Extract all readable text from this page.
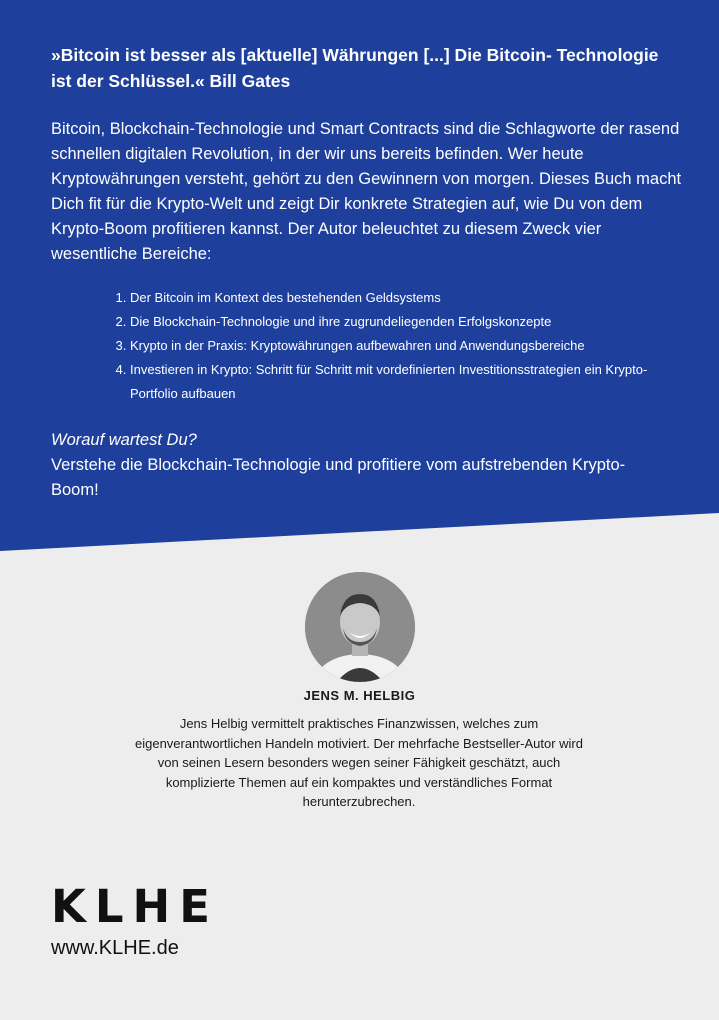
»Bitcoin ist besser als [aktuelle] Währungen [...] Die Bitcoin- Technologie ist der Schlüssel.« Bill Gates

Bitcoin, Blockchain-Technologie und Smart Contracts sind die Schlagworte der rasend schnellen digitalen Revolution, in der wir uns bereits befinden. Wer heute Kryptowährungen versteht, gehört zu den Gewinnern von morgen. Dieses Buch macht Dich fit für die Krypto-Welt und zeigt Dir konkrete Strategien auf, wie Du von dem Krypto-Boom profitieren kannst. Der Autor beleuchtet zu diesem Zweck vier wesentliche Bereiche:

1. Der Bitcoin im Kontext des bestehenden Geldsystems
2. Die Blockchain-Technologie und ihre zugrundeliegenden Erfolgskonzepte
3. Krypto in der Praxis: Kryptowährungen aufbewahren und Anwendungsbereiche
4. Investieren in Krypto: Schritt für Schritt mit vordefinierten Investitionsstrategien ein Krypto-Portfolio aufbauen

Worauf wartest Du?

Verstehe die Blockchain-Technologie und profitiere vom aufstrebenden Krypto-Boom!

JENS M. HELBIG

Jens Helbig vermittelt praktisches Finanzwissen, welches zum eigenverantwortlichen Handeln motiviert. Der mehrfache Bestseller-Autor wird von seinen Lesern besonders wegen seiner Fähigkeit geschätzt, auch komplizierte Themen auf ein kompaktes und verständliches Format herunterzubrechen.

KLHE

www.KLHE.de
